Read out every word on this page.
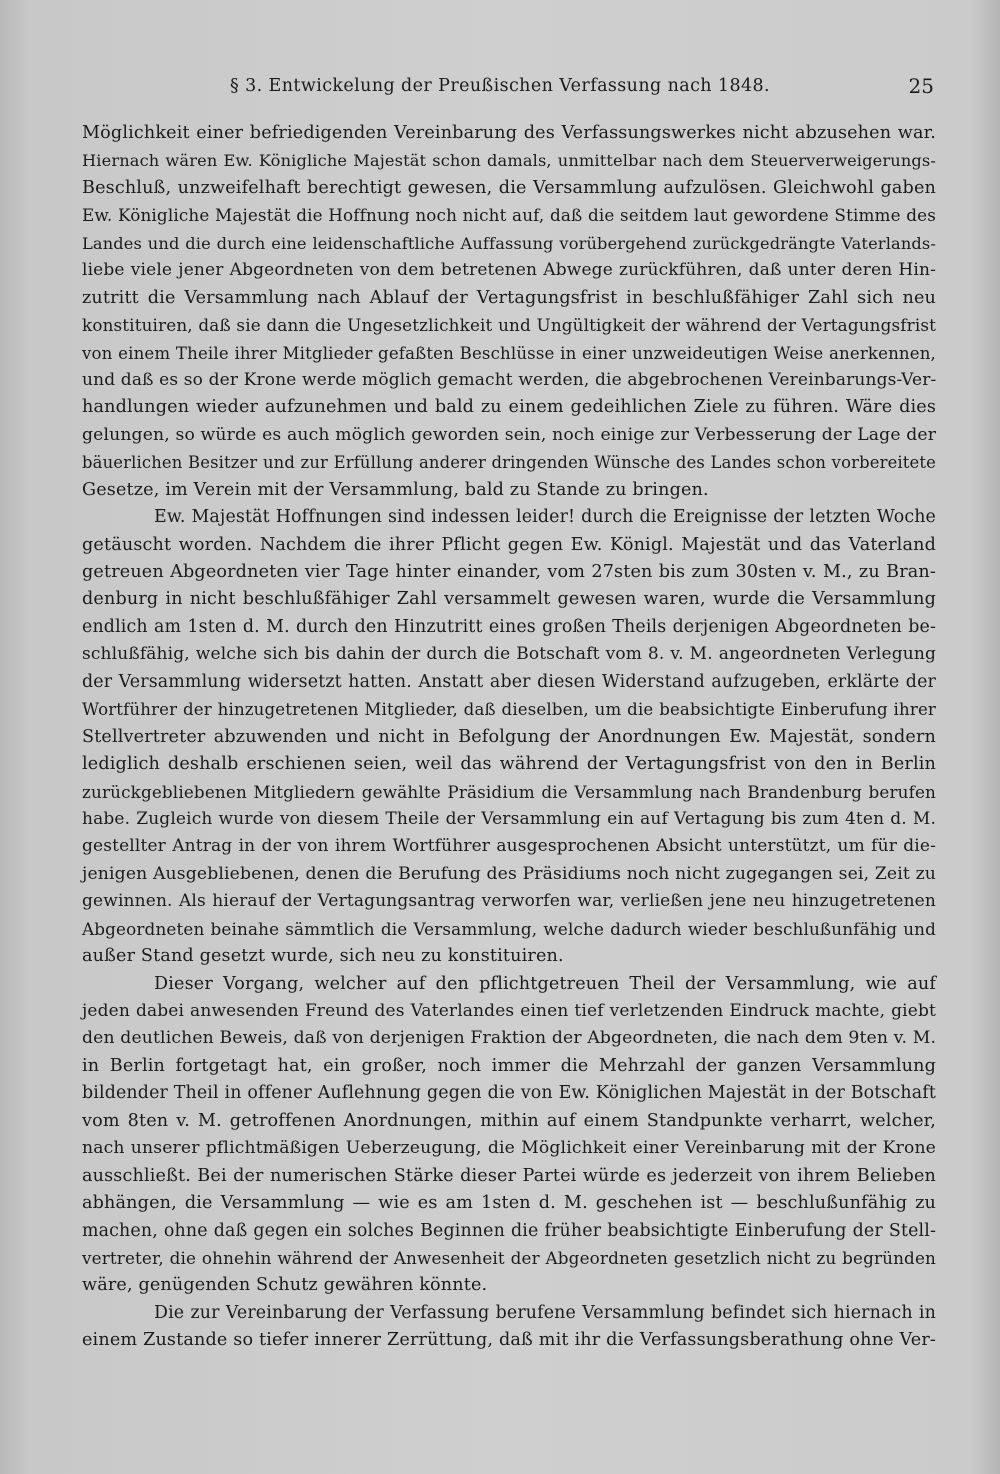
§ 3. Entwickelung der Preußischen Verfassung nach 1848.	25
Möglichkeit einer befriedigenden Vereinbarung des Verfassungswerkes nicht abzusehen war.
Hiernach wären Ew. Königliche Majestät schon damals, unmittelbar nach dem Steuerverweigerungs-
Beschluß, unzweifelhaft berechtigt gewesen, die Versammlung aufzulösen. Gleichwohl gaben
Ew. Königliche Majestät die Hoffnung noch nicht auf, daß die seitdem laut gewordene Stimme des
Landes und die durch eine leidenschaftliche Auffassung vorübergehend zurückgedrängte Vaterlands-
liebe viele jener Abgeordneten von dem betretenen Abwege zurückführen, daß unter deren Hin-
zutritt die Versammlung nach Ablauf der Vertagungsfrist in beschlußfähiger Zahl sich neu
konstituiren, daß sie dann die Ungesetzlichkeit und Ungültigkeit der während der Vertagungsfrist
von einem Theile ihrer Mitglieder gefaßten Beschlüsse in einer unzweideutigen Weise anerkennen,
und daß es so der Krone werde möglich gemacht werden, die abgebrochenen Vereinbarungs-Ver-
handlungen wieder aufzunehmen und bald zu einem gedeihlichen Ziele zu führen. Wäre dies
gelungen, so würde es auch möglich geworden sein, noch einige zur Verbesserung der Lage der
bäuerlichen Besitzer und zur Erfüllung anderer dringenden Wünsche des Landes schon vorbereitete
Gesetze, im Verein mit der Versammlung, bald zu Stande zu bringen.
Ew. Majestät Hoffnungen sind indessen leider! durch die Ereignisse der letzten Woche
getäuscht worden. Nachdem die ihrer Pflicht gegen Ew. Königl. Majestät und das Vaterland
getreuen Abgeordneten vier Tage hinter einander, vom 27sten bis zum 30sten v. M., zu Bran-
denburg in nicht beschlußfähiger Zahl versammelt gewesen waren, wurde die Versammlung
endlich am 1sten d. M. durch den Hinzutritt eines großen Theils derjenigen Abgeordneten be-
schlußfähig, welche sich bis dahin der durch die Botschaft vom 8. v. M. angeordneten Verlegung
der Versammlung widersetzt hatten. Anstatt aber diesen Widerstand aufzugeben, erklärte der
Wortführer der hinzugetretenen Mitglieder, daß dieselben, um die beabsichtigte Einberufung ihrer
Stellvertreter abzuwenden und nicht in Befolgung der Anordnungen Ew. Majestät, sondern
lediglich deshalb erschienen seien, weil das während der Vertagungsfrist von den in Berlin
zurückgebliebenen Mitgliedern gewählte Präsidium die Versammlung nach Brandenburg berufen
habe. Zugleich wurde von diesem Theile der Versammlung ein auf Vertagung bis zum 4ten d. M.
gestellter Antrag in der von ihrem Wortführer ausgesprochenen Absicht unterstützt, um für die-
jenigen Ausgebliebenen, denen die Berufung des Präsidiums noch nicht zugegangen sei, Zeit zu
gewinnen. Als hierauf der Vertagungsantrag verworfen war, verließen jene neu hinzugetretenen
Abgeordneten beinahe sämmtlich die Versammlung, welche dadurch wieder beschlußunfähig und
außer Stand gesetzt wurde, sich neu zu konstituiren.
Dieser Vorgang, welcher auf den pflichtgetreuen Theil der Versammlung, wie auf
jeden dabei anwesenden Freund des Vaterlandes einen tief verletzenden Eindruck machte, giebt
den deutlichen Beweis, daß von derjenigen Fraktion der Abgeordneten, die nach dem 9ten v. M.
in Berlin fortgetagt hat, ein großer, noch immer die Mehrzahl der ganzen Versammlung
bildender Theil in offener Auflehnung gegen die von Ew. Königlichen Majestät in der Botschaft
vom 8ten v. M. getroffenen Anordnungen, mithin auf einem Standpunkte verharrt, welcher,
nach unserer pflichtmäßigen Ueberzeugung, die Möglichkeit einer Vereinbarung mit der Krone
ausschließt. Bei der numerischen Stärke dieser Partei würde es jederzeit von ihrem Belieben
abhängen, die Versammlung — wie es am 1sten d. M. geschehen ist — beschlußunfähig zu
machen, ohne daß gegen ein solches Beginnen die früher beabsichtigte Einberufung der Stell-
vertreter, die ohnehin während der Anwesenheit der Abgeordneten gesetzlich nicht zu begründen
wäre, genügenden Schutz gewähren könnte.
Die zur Vereinbarung der Verfassung berufene Versammlung befindet sich hiernach in
einem Zustande so tiefer innerer Zerrüttung, daß mit ihr die Verfassungsberathung ohne Ver-
